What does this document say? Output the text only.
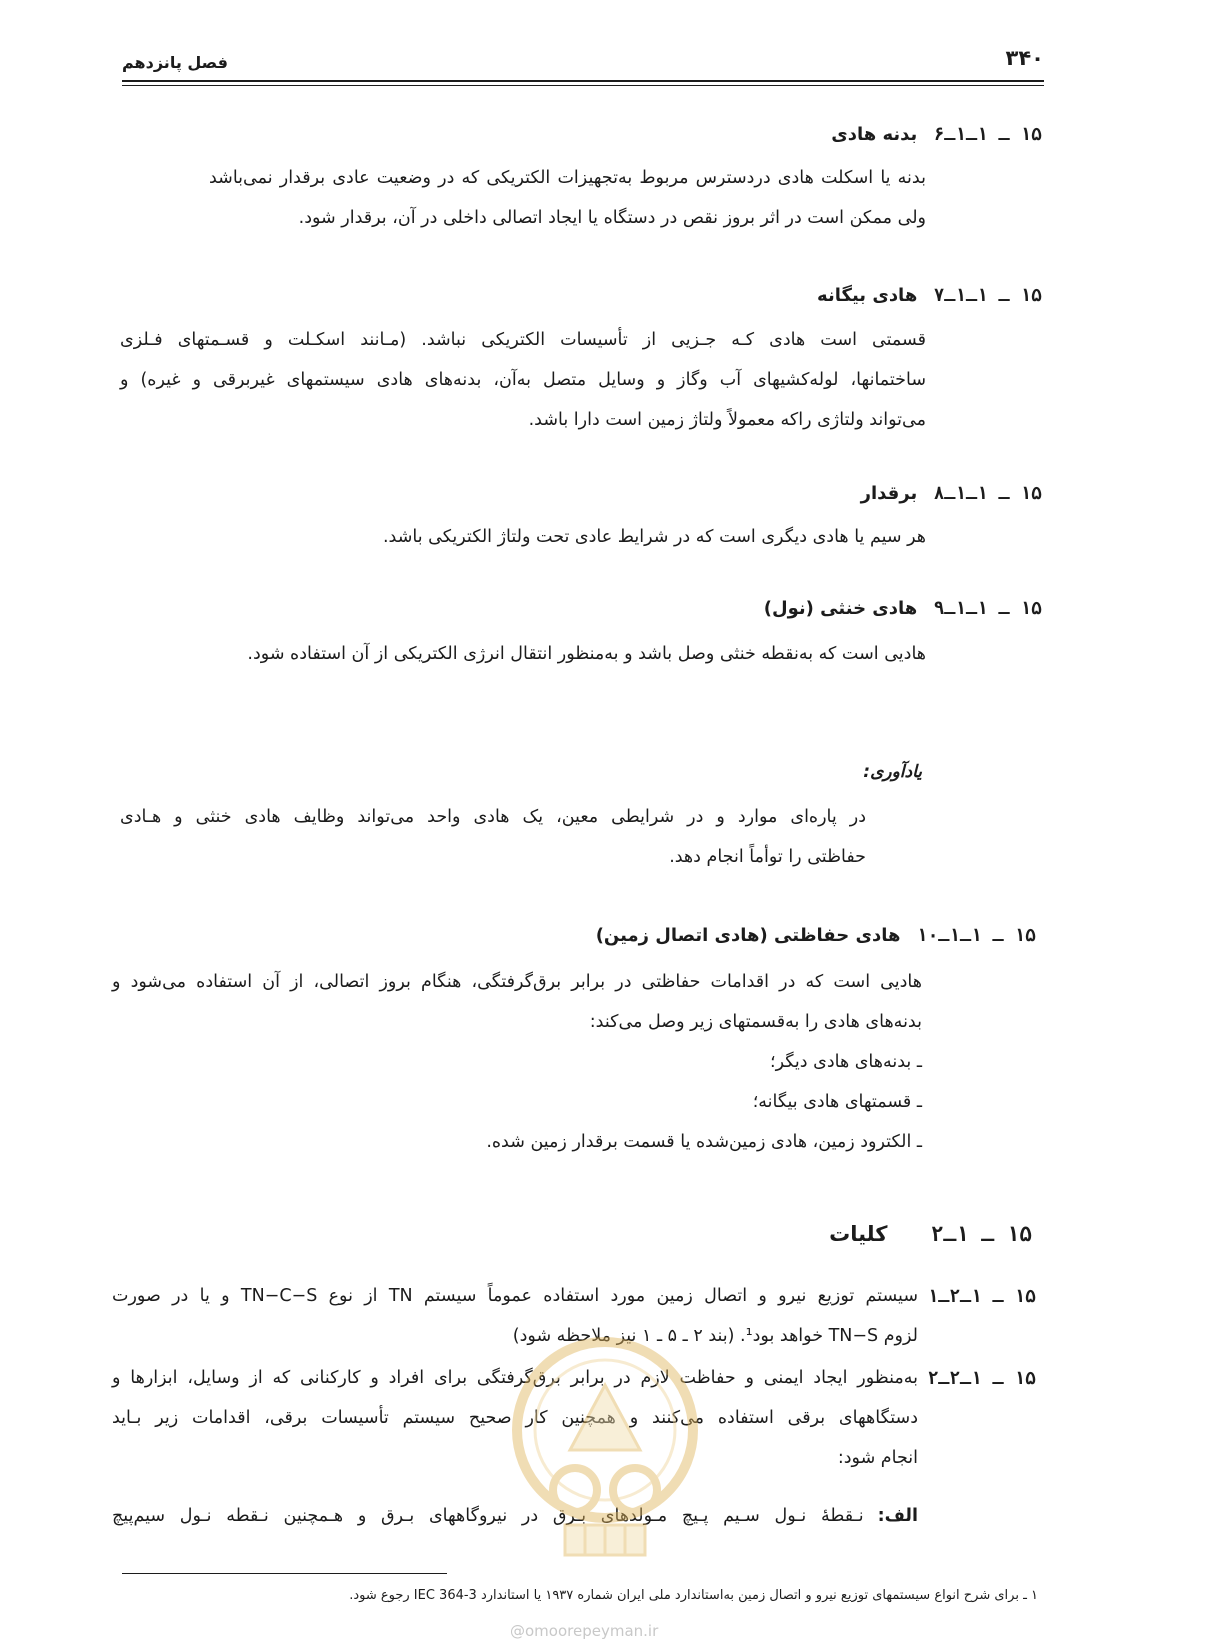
۳۴۰
فصل پانزدهم
۱۵ ـ ۱ـ۱ـ۶ بدنه هادی
بدنه یا اسکلت هادی دردسترس مربوط به‌تجهیزات الکتریکی که در وضعیت عادی برقدار نمی‌باشد
ولی ممکن است در اثر بروز نقص در دستگاه یا ایجاد اتصالی داخلی در آن، برقدار شود.
۱۵ ـ ۱ـ۱ـ۷ هادی بیگانه
قسمتی است هادی کـه جـزیی از تأسیسات الکتریکی نباشد. (مـانند اسکـلت و قسـمتهای فـلزی
ساختمانها، لوله‌کشیهای آب وگاز و وسایل متصل به‌آن، بدنه‌های هادی سیستمهای غیربرقی و غیره) و
می‌تواند ولتاژی راکه معمولاً ولتاژ زمین است دارا باشد.
۱۵ ـ ۱ـ۱ـ۸ برقدار
هر سیم یا هادی دیگری است که در شرایط عادی تحت ولتاژ الکتریکی باشد.
۱۵ ـ ۱ـ۱ـ۹ هادی خنثی (نول)
هادیی است که به‌نقطه خنثی وصل باشد و به‌منظور انتقال انرژی الکتریکی از آن استفاده شود.
یادآوری:
در پاره‌ای موارد و در شرایطی معین، یک هادی واحد می‌تواند وظایف هادی خنثی و هـادی
حفاظتی را توأماً انجام دهد.
۱۵ ـ ۱ـ۱ـ۱۰ هادی حفاظتی (هادی اتصال زمین)
هادیی است که در اقدامات حفاظتی در برابر برق‌گرفتگی، هنگام بروز اتصالی، از آن استفاده می‌شود و
بدنه‌های هادی را به‌قسمتهای زیر وصل می‌کند:
ـ بدنه‌های هادی دیگر؛
ـ قسمتهای هادی بیگانه؛
ـ الکترود زمین، هادی زمین‌شده یا قسمت برقدار زمین شده.
۱۵ ـ ۱ـ۲ کلیات
۱۵ ـ ۱ـ۲ـ۱
سیستم توزیع نیرو و اتصال زمین مورد استفاده عموماً سیستم TN از نوع TN−C−S و یا در صورت
لزوم TN−S خواهد بود¹. (بند ۲ ـ ۵ ـ ۱ نیز ملاحظه شود)
۱۵ ـ ۱ـ۲ـ۲
به‌منظور ایجاد ایمنی و حفاظت لازم در برابر برق‌گرفتگی برای افراد و کارکنانی که از وسایل، ابزارها و
دستگاههای برقی استفاده می‌کنند و همچنین کار صحیح سیستم تأسیسات برقی، اقدامات زیر بـاید
انجام شود:
الف:نـقطهٔ نـول سـیم پـیچ مـولدهای بـرق در نیروگاههای بـرق و هـمچنین نـقطه نـول سیم‌پیچ
۱ ـ برای شرح انواع سیستمهای توزیع نیرو و اتصال زمین به‌استاندارد ملی ایران شماره ۱۹۳۷ یا استاندارد IEC 364-3 رجوع شود.
@omoorepeyman.ir
